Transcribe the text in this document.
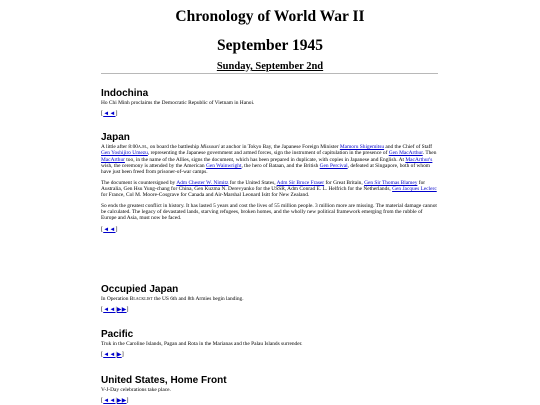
Chronology of World War II
September 1945
Sunday, September 2nd
Indochina

Ho Chi Minh proclaims the Democratic Republic of Vietnam in Hanoi.

[◄◄]
Japan

A little after 8:00a.m., on board the battleship Missouri at anchor in Tokyo Bay, the Japanese Foreign Minister Mamoru Shigemitsu and the Chief of Staff Gen Yoshijiro Umezu, representing the Japanese government and armed forces, sign the instrument of capitulation in the presence of Gen MacArthur. Then MacArthur too, in the name of the Allies, signs the document, which has been prepared in duplicate, with copies in Japanese and English. At MacArthur's wish, the ceremony is attended by the American Gen Wainwright, the hero of Bataan, and the British Gen Percival, defeated at Singapore, both of whom have just been freed from prisoner-of-war camps.

The document is countersigned by Adm Chester W. Nimitz for the United States, Adm Sir Bruce Fraser for Great Britain, Gen Sir Thomas Blamey for Australia, Gen Hsu Yung-chang for China, Gen Kuzma N. Derevyanko for the USSR, Adm Conrad E. L. Helfrich for the Netherlands, Gen Jacques Leclerc for France, Col M. Moore-Cosgrave for Canada and Air-Marshal Leonard Isitt for New Zealand.

So ends the greatest conflict in history. It has lasted 5 years and cost the lives of 55 million people. 3 million more are missing. The material damage cannot be calculated. The legacy of devastated lands, starving refugees, broken homes, and the wholly new political framework emerging from the rubble of Europe and Asia, must now be faced.

[◄◄]
Occupied Japan

In Operation Blacklist the US 6th and 8th Armies begin landing.

[◄◄|▶▶]
Pacific

Truk in the Caroline Islands, Pagan and Rota in the Marianas and the Palau Islands surrender.

[◄◄|▶]
United States, Home Front

V-J-Day celebrations take place.

[◄◄|▶▶]
